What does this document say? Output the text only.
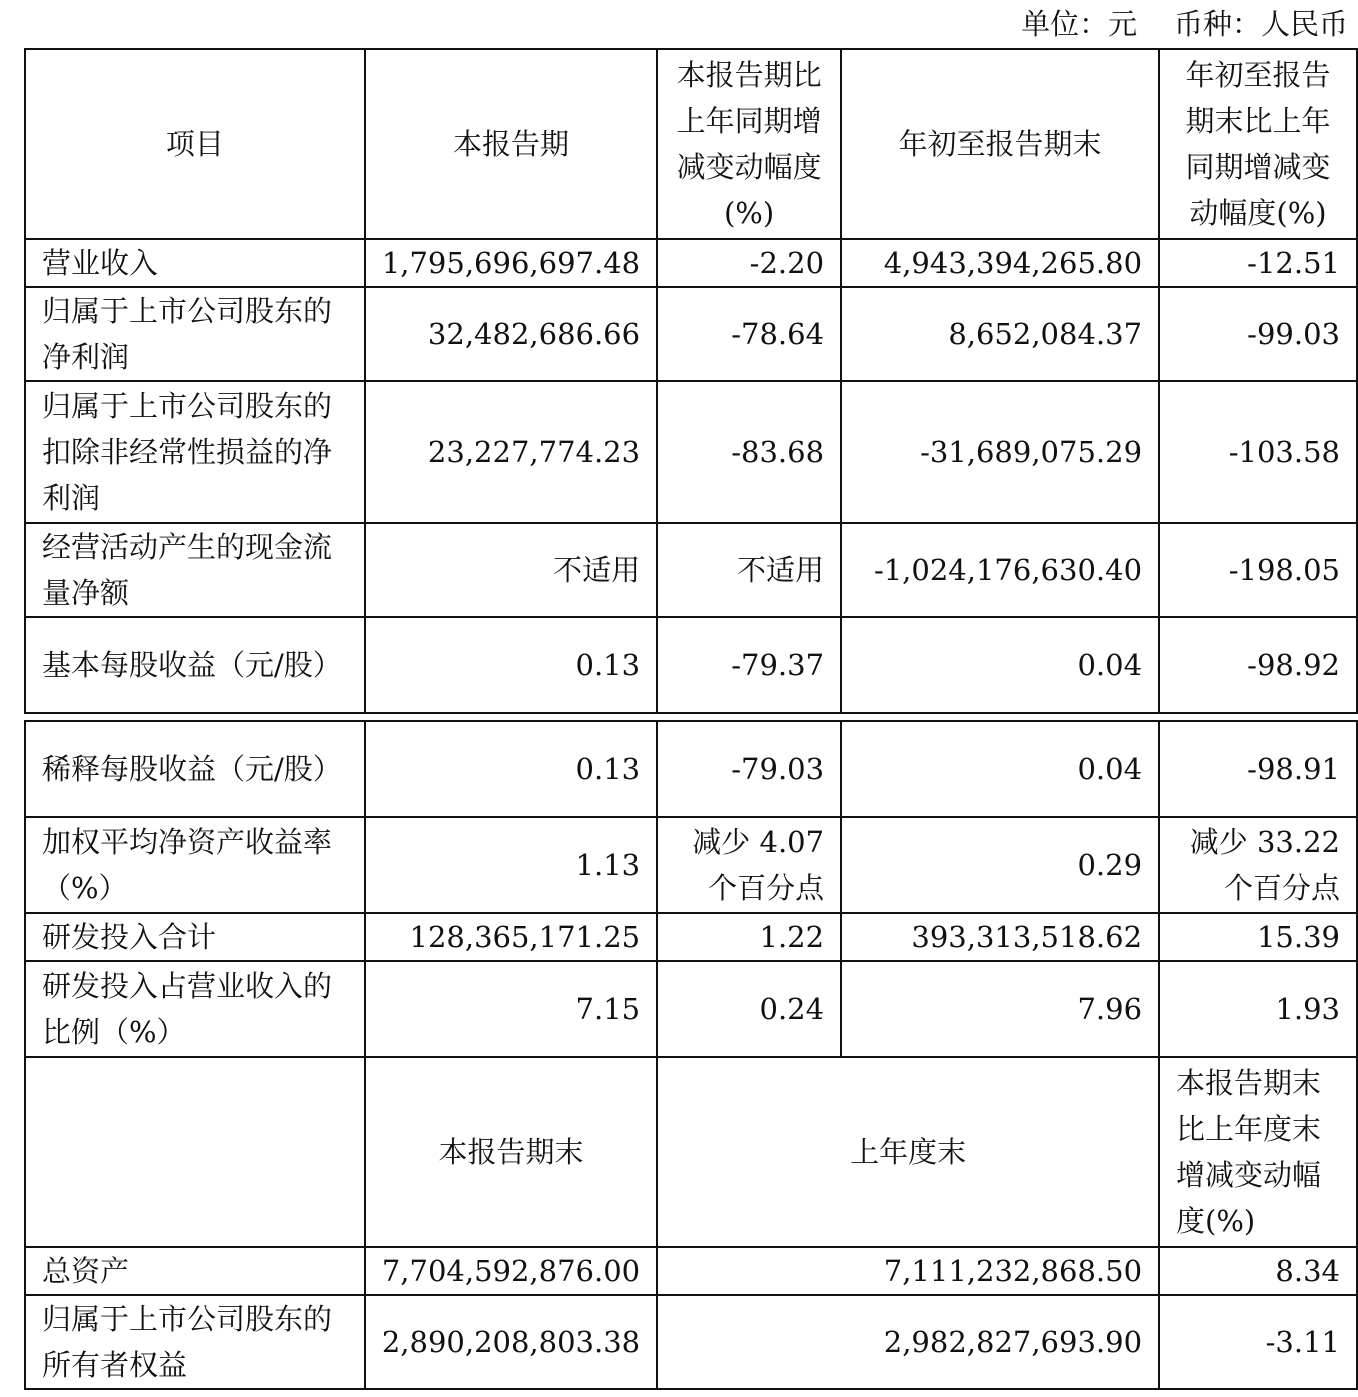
单位：元    币种：人民币
项目	本报告期	本报告期比上年同期增减变动幅度(%)	年初至报告期末	年初至报告期末比上年同期增减变动幅度(%)
营业收入	1,795,696,697.48	-2.20	4,943,394,265.80	-12.51
归属于上市公司股东的净利润	32,482,686.66	-78.64	8,652,084.37	-99.03
归属于上市公司股东的扣除非经常性损益的净利润	23,227,774.23	-83.68	-31,689,075.29	-103.58
经营活动产生的现金流量净额	不适用	不适用	-1,024,176,630.40	-198.05
基本每股收益（元/股）	0.13	-79.37	0.04	-98.92
稀释每股收益（元/股）	0.13	-79.03	0.04	-98.91
加权平均净资产收益率（%）	1.13	减少 4.07 个百分点	0.29	减少 33.22 个百分点
研发投入合计	128,365,171.25	1.22	393,313,518.62	15.39
研发投入占营业收入的比例（%）	7.15	0.24	7.96	1.93
	本报告期末	上年度末		本报告期末比上年度末增减变动幅度(%)
总资产	7,704,592,876.00	7,111,232,868.50		8.34
归属于上市公司股东的所有者权益	2,890,208,803.38	2,982,827,693.90		-3.11
